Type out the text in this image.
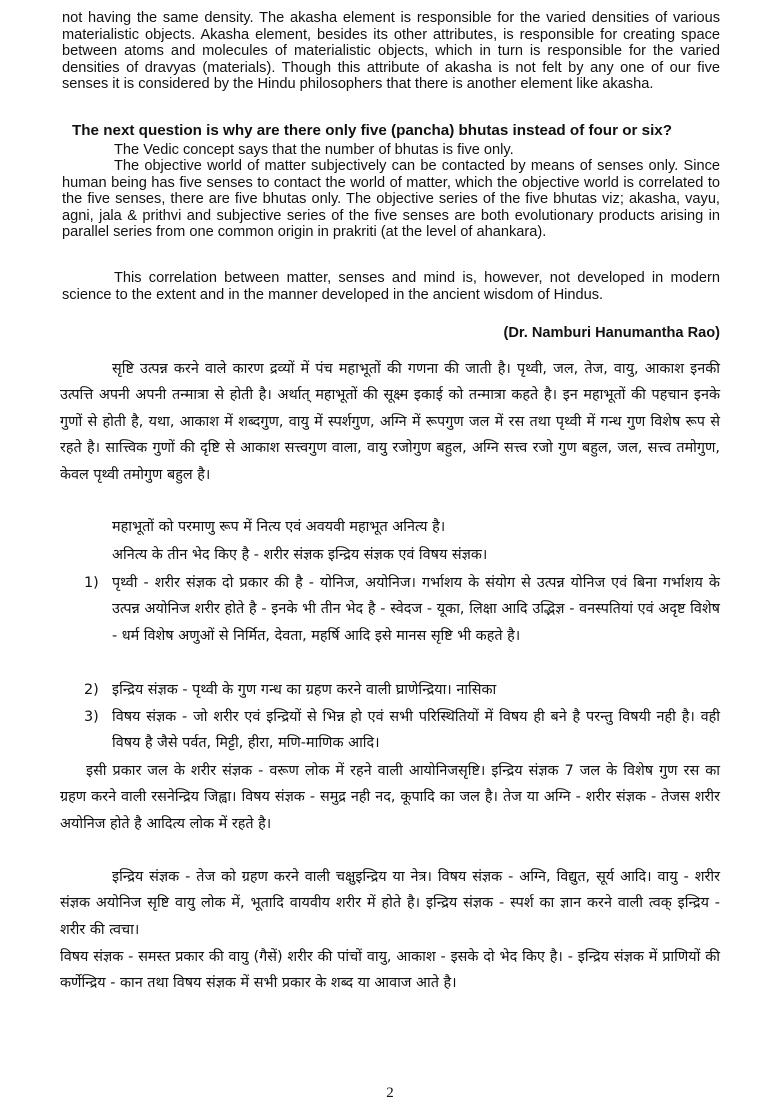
not having the same density. The akasha element is responsible for the varied densities of various materialistic objects. Akasha element, besides its other attributes, is responsible for creating space between atoms and molecules of materialistic objects, which in turn is responsible for the varied densities of dravyas (materials). Though this attribute of akasha is not felt by any one of our five senses it is considered by the Hindu philosophers that there is another element like akasha.

The next question is why are there only five (pancha) bhutas instead of four or six?

The Vedic concept says that the number of bhutas is five only.

The objective world of matter subjectively can be contacted by means of senses only. Since human being has five senses to contact the world of matter, which the objective world is correlated to the five senses, there are five bhutas only. The objective series of the five bhutas viz; akasha, vayu, agni, jala & prithvi and subjective series of the five senses are both evolutionary products arising in parallel series from one common origin in prakriti (at the level of ahankara).

This correlation between matter, senses and mind is, however, not developed in modern science to the extent and in the manner developed in the ancient wisdom of Hindus.

(Dr. Namburi Hanumantha Rao)

सृष्टि उत्पन्न करने वाले कारण द्रव्यों में पंच महाभूतों की गणना की जाती है। पृथ्वी, जल, तेज, वायु, आकाश इनकी उत्पत्ति अपनी अपनी तन्मात्रा से होती है। अर्थात् महाभूतों की सूक्ष्म इकाई को तन्मात्रा कहते है। इन महाभूतों की पहचान इनके गुणों से होती है, यथा, आकाश में शब्दगुण, वायु में स्पर्शगुण, अग्नि में रूपगुण जल में रस तथा पृथ्वी में गन्ध गुण विशेष रूप से रहते है। सात्त्विक गुणों की दृष्टि से आकाश सत्त्वगुण वाला, वायु रजोगुण बहुल, अग्नि सत्त्व रजो गुण बहुल, जल, सत्त्व तमोगुण, केवल पृथ्वी तमोगुण बहुल है।

महाभूतों को परमाणु रूप में नित्य एवं अवयवी महाभूत अनित्य है।

अनित्य के तीन भेद किए है - शरीर संज्ञक इन्द्रिय संज्ञक एवं विषय संज्ञक।

1) पृथ्वी - शरीर संज्ञक दो प्रकार की है - योनिज, अयोनिज। गर्भाशय के संयोग से उत्पन्न योनिज एवं बिना गर्भाशय के उत्पन्न अयोनिज शरीर होते है - इनके भी तीन भेद है - स्वेदज - यूका, लिक्षा आदि उद्भिज्ञ - वनस्पतियां एवं अदृष्ट विशेष - धर्म विशेष अणुओं से निर्मित, देवता, महर्षि आदि इसे मानस सृष्टि भी कहते है।
2) इन्द्रिय संज्ञक - पृथ्वी के गुण गन्ध का ग्रहण करने वाली घ्राणेन्द्रिया। नासिका
3) विषय संज्ञक - जो शरीर एवं इन्द्रियों से भिन्न हो एवं सभी परिस्थितियों में विषय ही बने है परन्तु विषयी नही है। वही विषय है जैसे पर्वत, मिट्टी, हीरा, मणि-माणिक आदि।

इसी प्रकार जल के शरीर संज्ञक - वरूण लोक में रहने वाली आयोनिजसृष्टि। इन्द्रिय संज्ञक 7 जल के विशेष गुण रस का ग्रहण करने वाली रसनेन्द्रिय जिह्वा। विषय संज्ञक - समुद्र नही नद, कूपादि का जल है। तेज या अग्नि - शरीर संज्ञक - तेजस शरीर अयोनिज होते है आदित्य लोक में रहते है।

इन्द्रिय संज्ञक - तेज को ग्रहण करने वाली चक्षुइन्द्रिय या नेत्र। विषय संज्ञक - अग्नि, विद्युत, सूर्य आदि। वायु - शरीर संज्ञक अयोनिज सृष्टि वायु लोक में, भूतादि वायवीय शरीर में होते है। इन्द्रिय संज्ञक - स्पर्श का ज्ञान करने वाली त्वक् इन्द्रिय - शरीर की त्वचा।

विषय संज्ञक - समस्त प्रकार की वायु (गैसें) शरीर की पांचों वायु, आकाश - इसके दो भेद किए है। - इन्द्रिय संज्ञक में प्राणियों की कर्णेन्द्रिय - कान तथा विषय संज्ञक में सभी प्रकार के शब्द या आवाज आते है।

2
